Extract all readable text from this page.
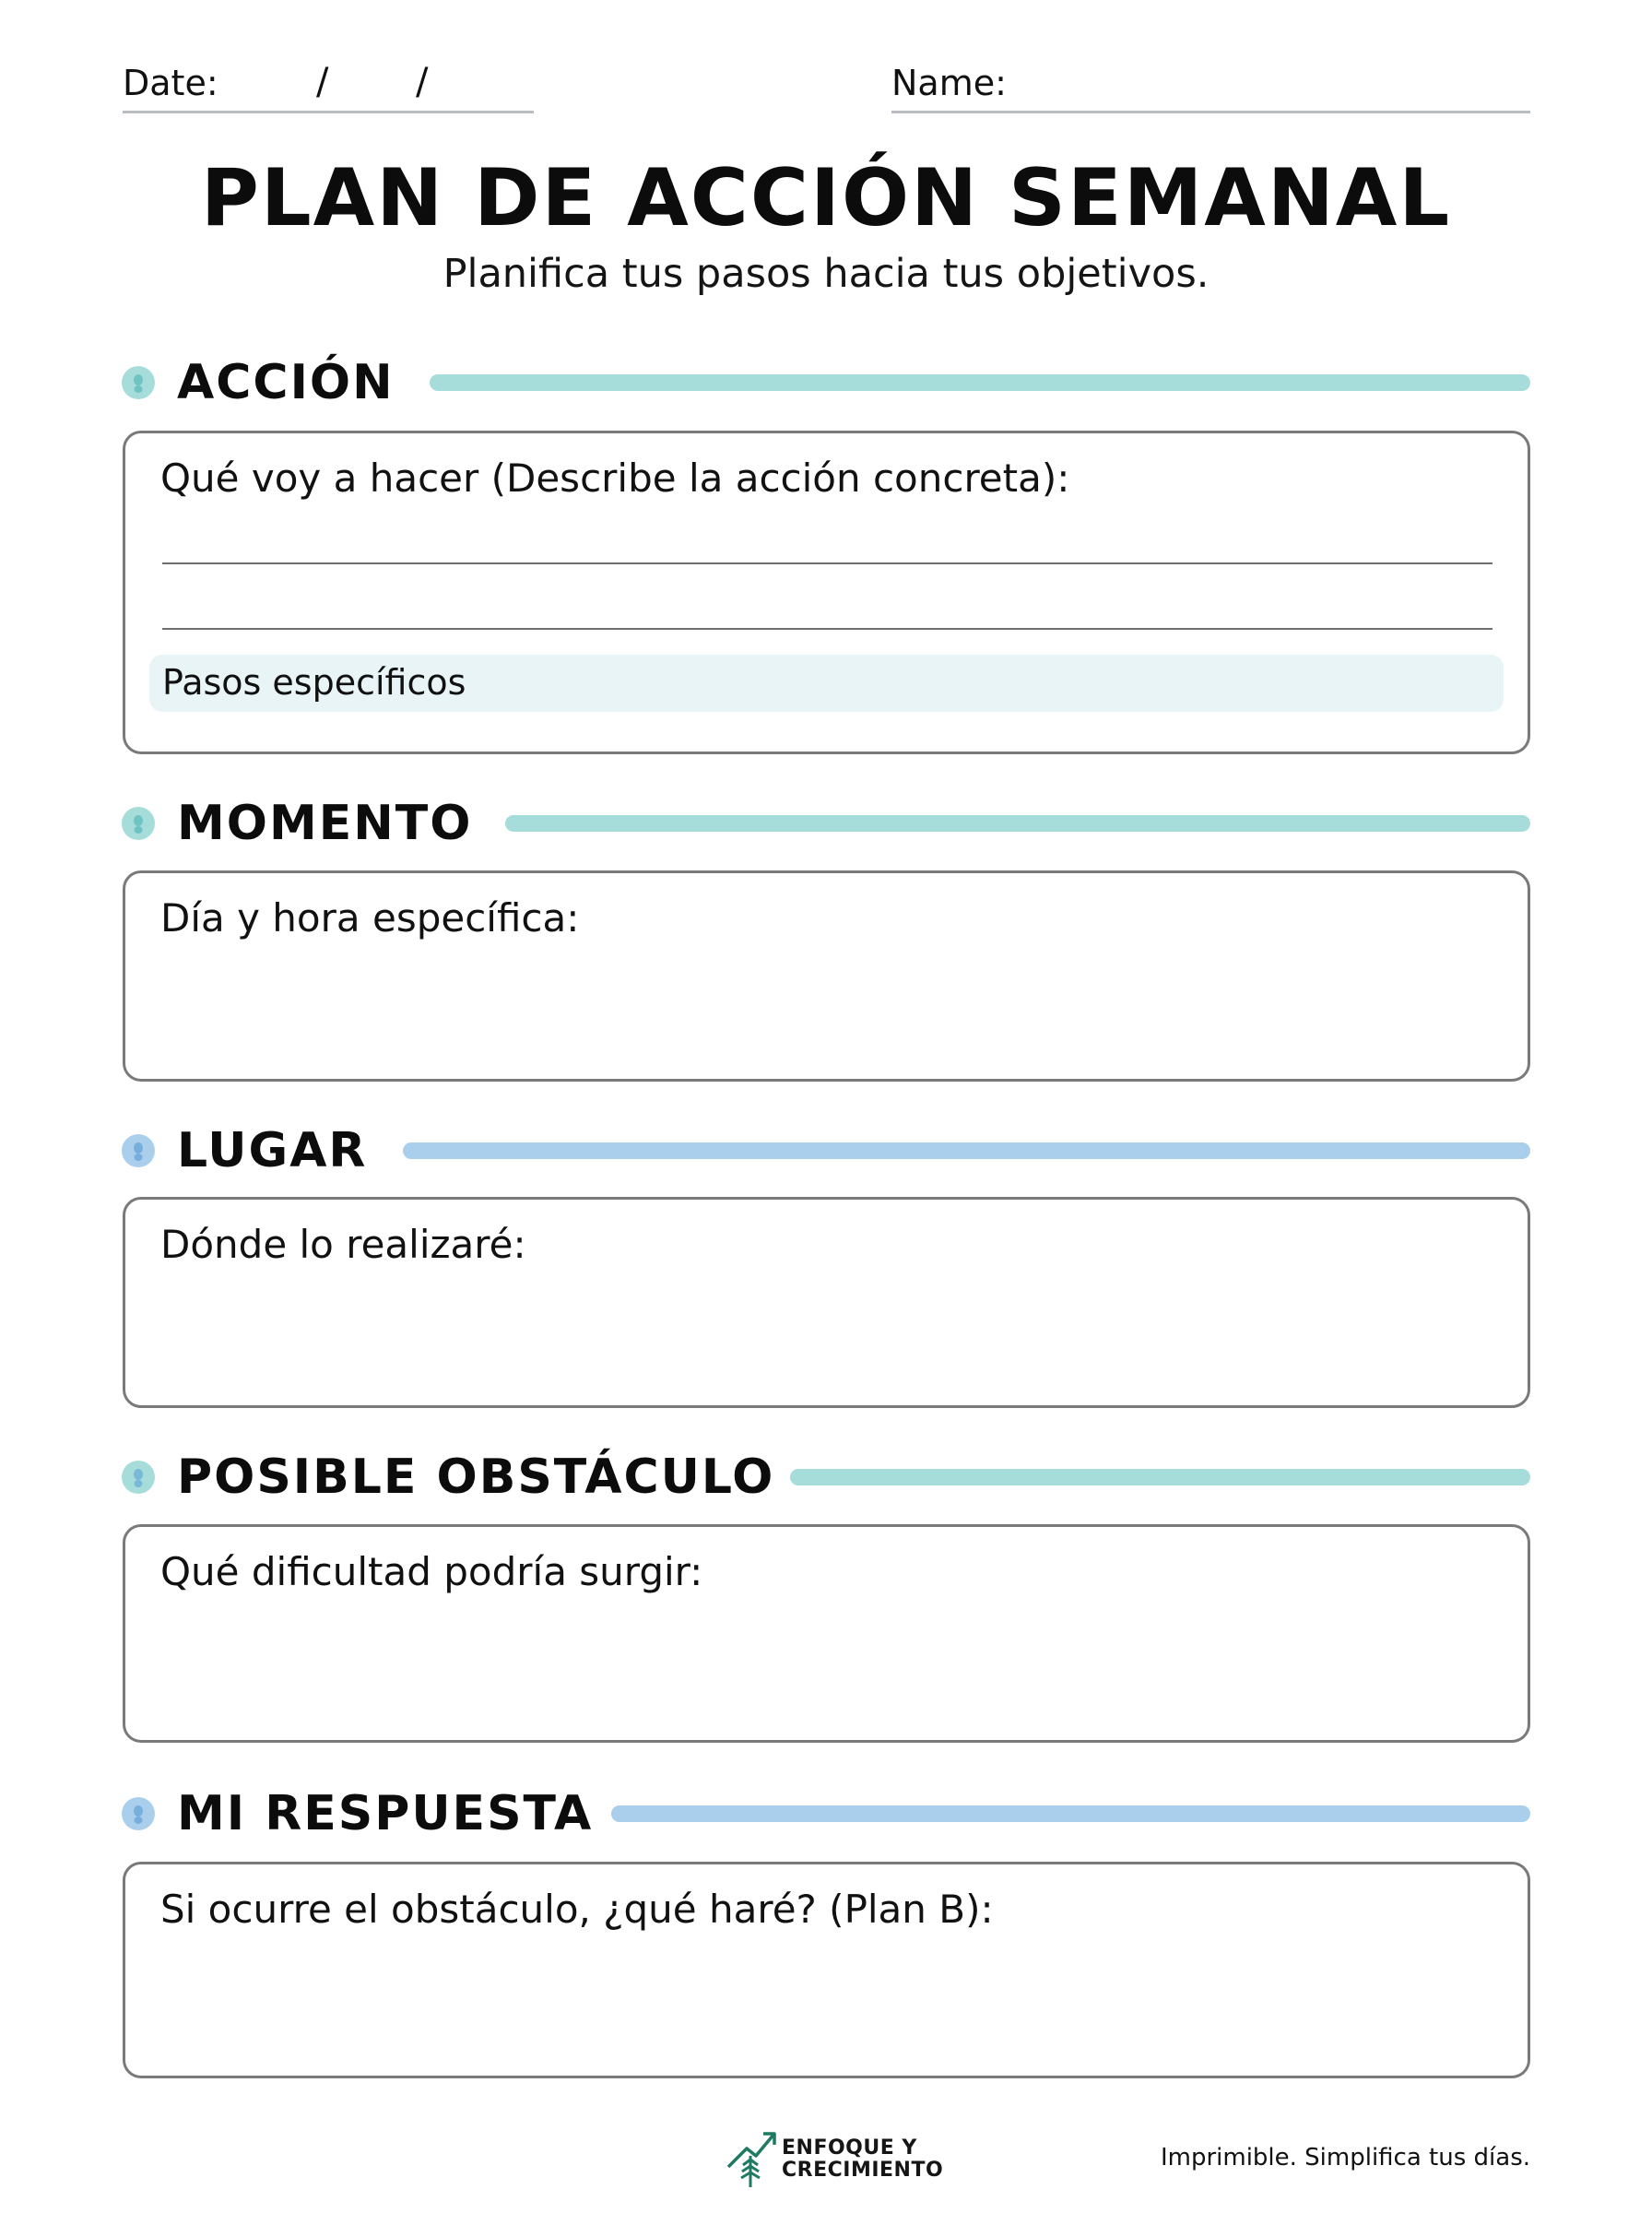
Date:	/ /	Name:
PLAN DE ACCIÓN SEMANAL
Planifica tus pasos hacia tus objetivos.
ACCIÓN
Qué voy a hacer (Describe la acción concreta):
Pasos específicos
MOMENTO
Día y hora específica:
LUGAR
Dónde lo realizaré:
POSIBLE OBSTÁCULO
Qué dificultad podría surgir:
MI RESPUESTA
Si ocurre el obstáculo, ¿qué haré? (Plan B):
ENFOQUE Y
CRECIMIENTO	Imprimible. Simplifica tus días.
